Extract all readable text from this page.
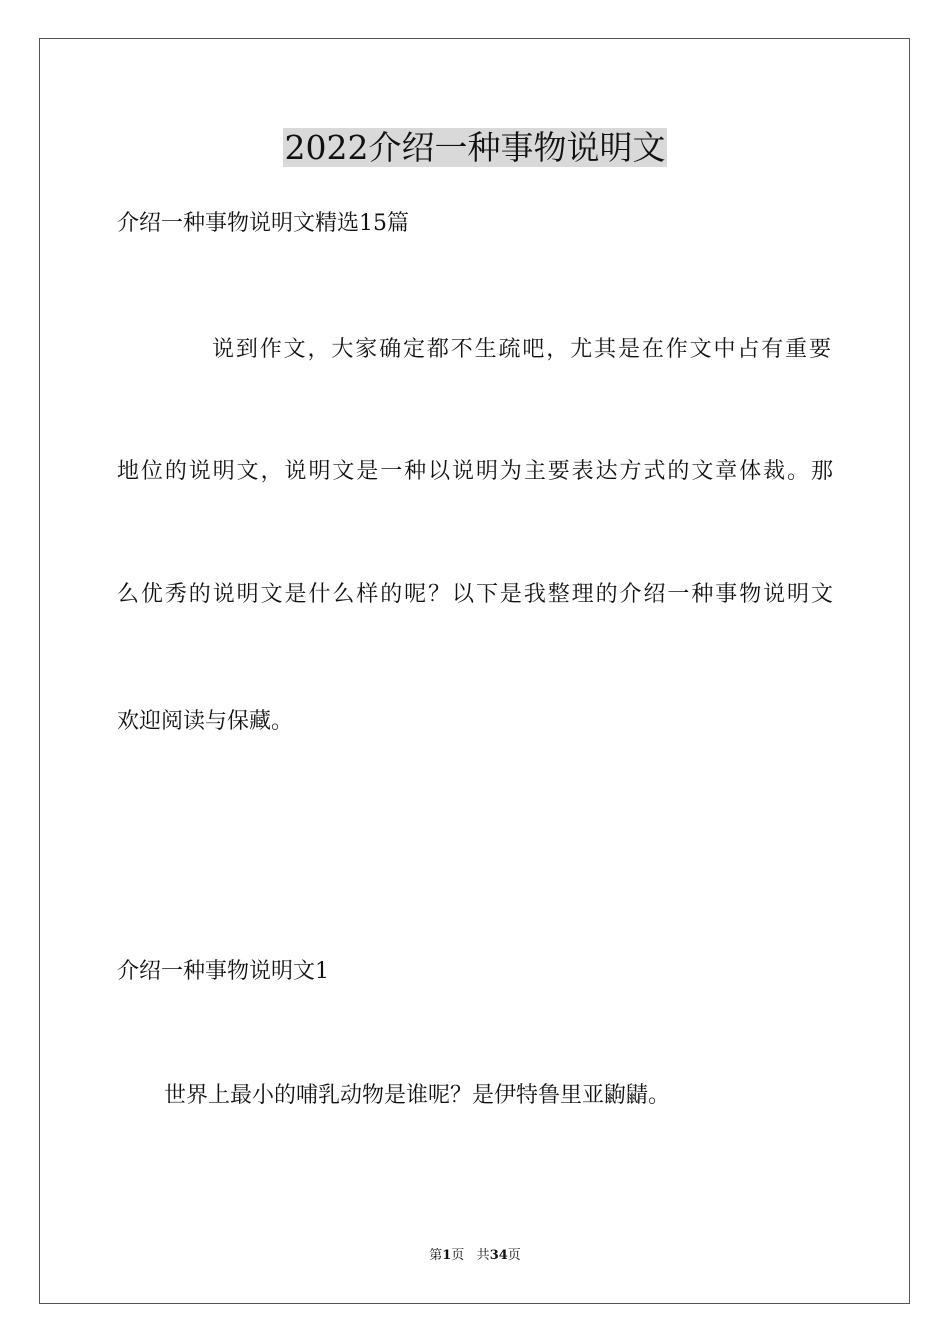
2022介绍一种事物说明文
介绍一种事物说明文精选15篇
说到作文，大家确定都不生疏吧，尤其是在作文中占有重要
地位的说明文，说明文是一种以说明为主要表达方式的文章体裁。那
么优秀的说明文是什么样的呢？以下是我整理的介绍一种事物说明文
欢迎阅读与保藏。
介绍一种事物说明文1
世界上最小的哺乳动物是谁呢？是伊特鲁里亚鼩鼱。
第1页 共34页
